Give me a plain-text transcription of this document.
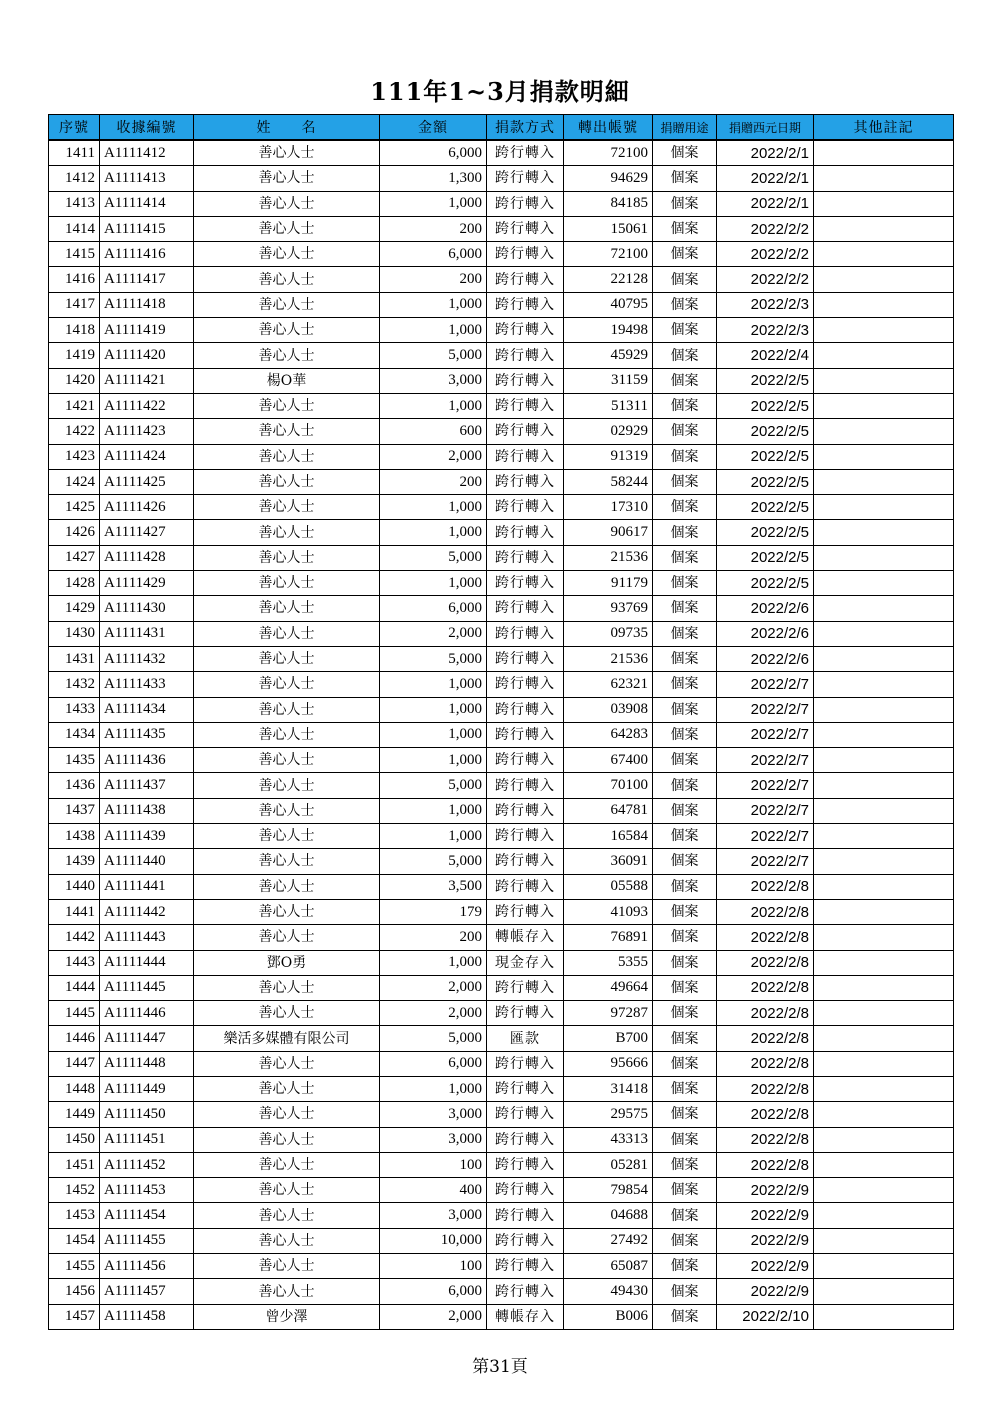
111年1~3月捐款明細
序號	收據編號	姓　　名	金額	捐款方式	轉出帳號	捐贈用途	捐贈西元日期	其他註記
1411	A1111412	善心人士	6,000	跨行轉入	72100	個案	2022/2/1	
1412	A1111413	善心人士	1,300	跨行轉入	94629	個案	2022/2/1	
1413	A1111414	善心人士	1,000	跨行轉入	84185	個案	2022/2/1	
1414	A1111415	善心人士	200	跨行轉入	15061	個案	2022/2/2	
1415	A1111416	善心人士	6,000	跨行轉入	72100	個案	2022/2/2	
1416	A1111417	善心人士	200	跨行轉入	22128	個案	2022/2/2	
1417	A1111418	善心人士	1,000	跨行轉入	40795	個案	2022/2/3	
1418	A1111419	善心人士	1,000	跨行轉入	19498	個案	2022/2/3	
1419	A1111420	善心人士	5,000	跨行轉入	45929	個案	2022/2/4	
1420	A1111421	楊O華	3,000	跨行轉入	31159	個案	2022/2/5	
1421	A1111422	善心人士	1,000	跨行轉入	51311	個案	2022/2/5	
1422	A1111423	善心人士	600	跨行轉入	02929	個案	2022/2/5	
1423	A1111424	善心人士	2,000	跨行轉入	91319	個案	2022/2/5	
1424	A1111425	善心人士	200	跨行轉入	58244	個案	2022/2/5	
1425	A1111426	善心人士	1,000	跨行轉入	17310	個案	2022/2/5	
1426	A1111427	善心人士	1,000	跨行轉入	90617	個案	2022/2/5	
1427	A1111428	善心人士	5,000	跨行轉入	21536	個案	2022/2/5	
1428	A1111429	善心人士	1,000	跨行轉入	91179	個案	2022/2/5	
1429	A1111430	善心人士	6,000	跨行轉入	93769	個案	2022/2/6	
1430	A1111431	善心人士	2,000	跨行轉入	09735	個案	2022/2/6	
1431	A1111432	善心人士	5,000	跨行轉入	21536	個案	2022/2/6	
1432	A1111433	善心人士	1,000	跨行轉入	62321	個案	2022/2/7	
1433	A1111434	善心人士	1,000	跨行轉入	03908	個案	2022/2/7	
1434	A1111435	善心人士	1,000	跨行轉入	64283	個案	2022/2/7	
1435	A1111436	善心人士	1,000	跨行轉入	67400	個案	2022/2/7	
1436	A1111437	善心人士	5,000	跨行轉入	70100	個案	2022/2/7	
1437	A1111438	善心人士	1,000	跨行轉入	64781	個案	2022/2/7	
1438	A1111439	善心人士	1,000	跨行轉入	16584	個案	2022/2/7	
1439	A1111440	善心人士	5,000	跨行轉入	36091	個案	2022/2/7	
1440	A1111441	善心人士	3,500	跨行轉入	05588	個案	2022/2/8	
1441	A1111442	善心人士	179	跨行轉入	41093	個案	2022/2/8	
1442	A1111443	善心人士	200	轉帳存入	76891	個案	2022/2/8	
1443	A1111444	鄧O勇	1,000	現金存入	5355	個案	2022/2/8	
1444	A1111445	善心人士	2,000	跨行轉入	49664	個案	2022/2/8	
1445	A1111446	善心人士	2,000	跨行轉入	97287	個案	2022/2/8	
1446	A1111447	樂活多媒體有限公司	5,000	匯款	B700	個案	2022/2/8	
1447	A1111448	善心人士	6,000	跨行轉入	95666	個案	2022/2/8	
1448	A1111449	善心人士	1,000	跨行轉入	31418	個案	2022/2/8	
1449	A1111450	善心人士	3,000	跨行轉入	29575	個案	2022/2/8	
1450	A1111451	善心人士	3,000	跨行轉入	43313	個案	2022/2/8	
1451	A1111452	善心人士	100	跨行轉入	05281	個案	2022/2/8	
1452	A1111453	善心人士	400	跨行轉入	79854	個案	2022/2/9	
1453	A1111454	善心人士	3,000	跨行轉入	04688	個案	2022/2/9	
1454	A1111455	善心人士	10,000	跨行轉入	27492	個案	2022/2/9	
1455	A1111456	善心人士	100	跨行轉入	65087	個案	2022/2/9	
1456	A1111457	善心人士	6,000	跨行轉入	49430	個案	2022/2/9	
1457	A1111458	曾少澤	2,000	轉帳存入	B006	個案	2022/2/10	
第31頁
